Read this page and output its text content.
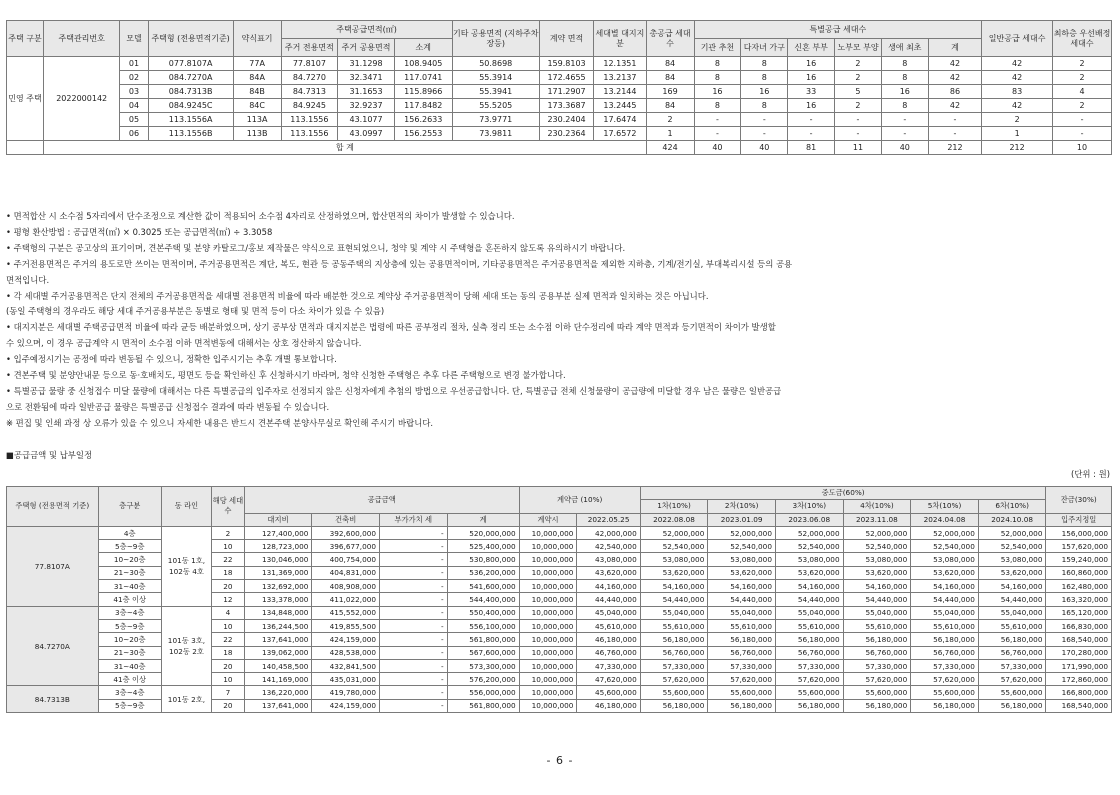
주택 구분	주택관리번호	모델	주택형 (전용면적기준)	약식표기	주택공급면적(㎡)			기타 공용면적 (지하주차장등)	계약 면적	세대별 대지지분	총공급 세대수	특별공급 세대수						일반공급 세대수	최하층 우선배정 세대수
					주거 전용면적	주거 공용면적	소계					기관 추천	다자녀 가구	신혼 부부	노부모 부양	생애 최초	계		
민영 주택	2022000142	01	077.8107A	77A	77.8107	31.1298	108.9405	50.8698	159.8103	12.1351	84	8	8	16	2	8	42	42	2
		02	084.7270A	84A	84.7270	32.3471	117.0741	55.3914	172.4655	13.2137	84	8	8	16	2	8	42	42	2
		03	084.7313B	84B	84.7313	31.1653	115.8966	55.3941	171.2907	13.2144	169	16	16	33	5	16	86	83	4
		04	084.9245C	84C	84.9245	32.9237	117.8482	55.5205	173.3687	13.2445	84	8	8	16	2	8	42	42	2
		05	113.1556A	113A	113.1556	43.1077	156.2633	73.9771	230.2404	17.6474	2	-	-	-	-	-	-	2	-
		06	113.1556B	113B	113.1556	43.0997	156.2553	73.9811	230.2364	17.6572	1	-	-	-	-	-	-	1	-
	합 계										424	40	40	81	11	40	212	212	10
• 면적합산 시 소수점 5자리에서 단수조정으로 계산한 값이 적용되어 소수점 4자리로 산정하였으며, 합산면적의 차이가 발생할 수 있습니다.
• 평형 환산방법 : 공급면적(㎡) × 0.3025 또는 공급면적(㎡) ÷ 3.3058
• 주택형의 구분은 공고상의 표기이며, 견본주택 및 분양 카탈로그/홍보 제작물은 약식으로 표현되었으니, 청약 및 계약 시 주택형을 혼돈하지 않도록 유의하시기 바랍니다.
• 주거전용면적은 주거의 용도로만 쓰이는 면적이며, 주거공용면적은 계단, 복도, 현관 등 공동주택의 지상층에 있는 공용면적이며, 기타공용면적은 주거공용면적을 제외한 지하층, 기계/전기실, 부대복리시설 등의 공용
면적입니다.
• 각 세대별 주거공용면적은 단지 전체의 주거공용면적을 세대별 전용면적 비율에 따라 배분한 것으로 계약상 주거공용면적이 당해 세대 또는 동의 공용부분 실제 면적과 일치하는 것은 아닙니다.
(동일 주택형의 경우라도 해당 세대 주거공용부분은 동별로 형태 및 면적 등이 다소 차이가 있을 수 있음)
• 대지지분은 세대별 주택공급면적 비율에 따라 균등 배분하였으며, 상기 공부상 면적과 대지지분은 법령에 따른 공부정리 절차, 실측 정리 또는 소수점 이하 단수정리에 따라 계약 면적과 등기면적이 차이가 발생할
수 있으며, 이 경우 공급계약 시 면적이 소수점 이하 면적변동에 대해서는 상호 정산하지 않습니다.
• 입주예정시기는 공정에 따라 변동될 수 있으니, 정확한 입주시기는 추후 개별 통보합니다.
• 견본주택 및 분양안내문 등으로 동·호배치도, 평면도 등을 확인하신 후 신청하시기 바라며, 청약 신청한 주택형은 추후 다른 주택형으로 변경 불가합니다.
• 특별공급 물량 중 신청접수 미달 물량에 대해서는 다른 특별공급의 입주자로 선정되지 않은 신청자에게 추첨의 방법으로 우선공급합니다. 단, 특별공급 전체 신청물량이 공급량에 미달할 경우 남은 물량은 일반공급
으로 전환됨에 따라 일반공급 물량은 특별공급 신청접수 결과에 따라 변동될 수 있습니다.
※ 편집 및 인쇄 과정 상 오류가 있을 수 있으니 자세한 내용은 반드시 견본주택 분양사무실로 확인해 주시기 바랍니다.
■공급금액 및 납부일정
(단위 : 원)
주택형 (전용면적 기준)	층구분	동 라인	해당 세대 수	공급금액				계약금 (10%)		중도금(60%)						잔금(30%)
										1차(10%)	2차(10%)	3차(10%)	4차(10%)	5차(10%)	6차(10%)	
				대지비	건축비	부가가치 세	계	계약시	2022.05.25	2022.08.08	2023.01.09	2023.06.08	2023.11.08	2024.04.08	2024.10.08	입주지정일
77.8107A	4층	101동 1호, 102동 4호	2	127,400,000	392,600,000	-	520,000,000	10,000,000	42,000,000	52,000,000	52,000,000	52,000,000	52,000,000	52,000,000	52,000,000	156,000,000
	5층~9층		10	128,723,000	396,677,000	-	525,400,000	10,000,000	42,540,000	52,540,000	52,540,000	52,540,000	52,540,000	52,540,000	52,540,000	157,620,000
	10~20층		22	130,046,000	400,754,000	-	530,800,000	10,000,000	43,080,000	53,080,000	53,080,000	53,080,000	53,080,000	53,080,000	53,080,000	159,240,000
	21~30층		18	131,369,000	404,831,000	-	536,200,000	10,000,000	43,620,000	53,620,000	53,620,000	53,620,000	53,620,000	53,620,000	53,620,000	160,860,000
	31~40층		20	132,692,000	408,908,000	-	541,600,000	10,000,000	44,160,000	54,160,000	54,160,000	54,160,000	54,160,000	54,160,000	54,160,000	162,480,000
	41층 이상		12	133,378,000	411,022,000	-	544,400,000	10,000,000	44,440,000	54,440,000	54,440,000	54,440,000	54,440,000	54,440,000	54,440,000	163,320,000
84.7270A	3층~4층	101동 3호, 102동 2호	4	134,848,000	415,552,000	-	550,400,000	10,000,000	45,040,000	55,040,000	55,040,000	55,040,000	55,040,000	55,040,000	55,040,000	165,120,000
	5층~9층		10	136,244,500	419,855,500	-	556,100,000	10,000,000	45,610,000	55,610,000	55,610,000	55,610,000	55,610,000	55,610,000	55,610,000	166,830,000
	10~20층		22	137,641,000	424,159,000	-	561,800,000	10,000,000	46,180,000	56,180,000	56,180,000	56,180,000	56,180,000	56,180,000	56,180,000	168,540,000
	21~30층		18	139,062,000	428,538,000	-	567,600,000	10,000,000	46,760,000	56,760,000	56,760,000	56,760,000	56,760,000	56,760,000	56,760,000	170,280,000
	31~40층		20	140,458,500	432,841,500	-	573,300,000	10,000,000	47,330,000	57,330,000	57,330,000	57,330,000	57,330,000	57,330,000	57,330,000	171,990,000
	41층 이상		10	141,169,000	435,031,000	-	576,200,000	10,000,000	47,620,000	57,620,000	57,620,000	57,620,000	57,620,000	57,620,000	57,620,000	172,860,000
84.7313B	3층~4층	101동 2호,	7	136,220,000	419,780,000	-	556,000,000	10,000,000	45,600,000	55,600,000	55,600,000	55,600,000	55,600,000	55,600,000	55,600,000	166,800,000
	5층~9층		20	137,641,000	424,159,000	-	561,800,000	10,000,000	46,180,000	56,180,000	56,180,000	56,180,000	56,180,000	56,180,000	56,180,000	168,540,000
- 6 -
